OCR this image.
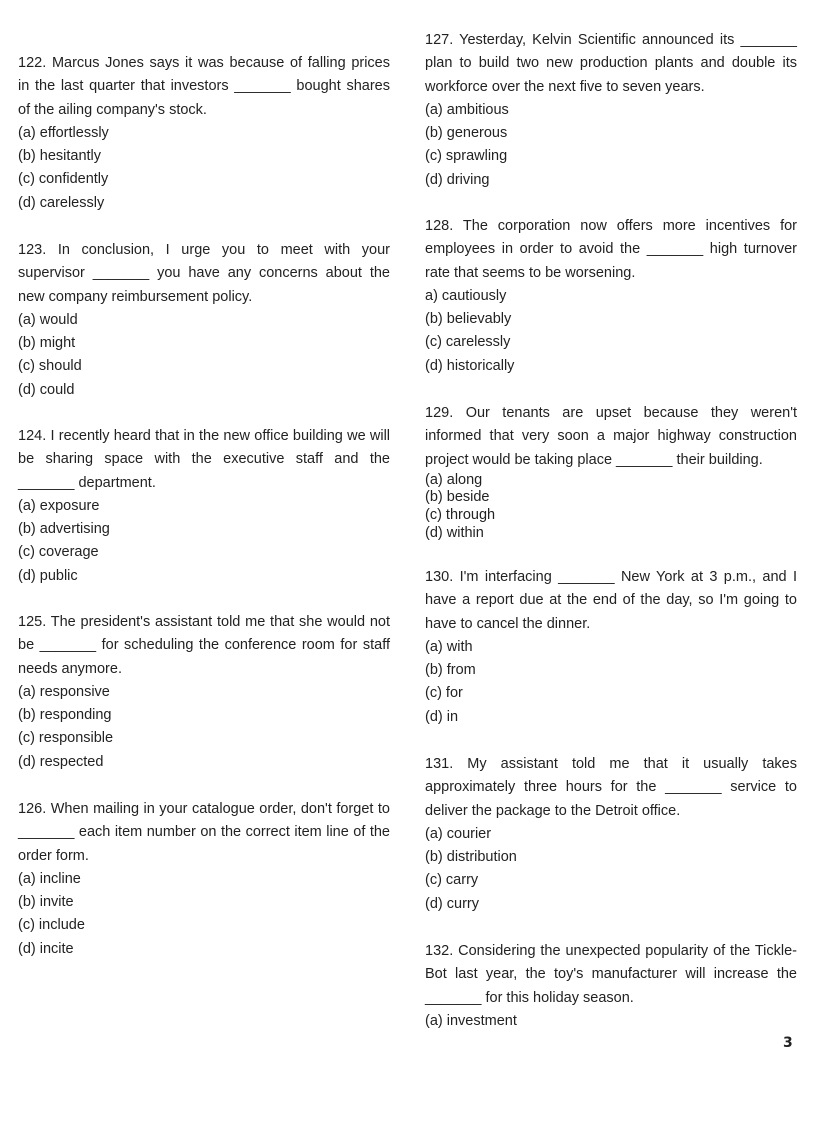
122. Marcus Jones says it was because of falling prices in the last quarter that investors _______ bought shares of the ailing company's stock.

(a) effortlessly

(b) hesitantly

(c) confidently

(d) carelessly

123. In conclusion, I urge you to meet with your supervisor _______ you have any concerns about the new company reimbursement policy.

(a) would

(b) might

(c) should

(d) could

124. I recently heard that in the new office building we will be sharing space with the executive staff and the _______ department.

(a) exposure

(b) advertising

(c) coverage

(d) public

125. The president's assistant told me that she would not be _______ for scheduling the conference room for staff needs anymore.

(a) responsive

(b) responding

(c) responsible

(d) respected

126. When mailing in your catalogue order, don't forget to _______ each item number on the correct item line of the order form.

(a) incline

(b) invite

(c) include

(d) incite

127. Yesterday, Kelvin Scientific announced its _______ plan to build two new production plants and double its workforce over the next five to seven years.

(a) ambitious

(b) generous

(c) sprawling

(d) driving

128. The corporation now offers more incentives for employees in order to avoid the _______ high turnover rate that seems to be worsening.

a) cautiously

(b) believably

(c) carelessly

(d) historically

129. Our tenants are upset because they weren't informed that very soon a major highway construction project would be taking place _______ their building.

(a) along

(b) beside

(c) through

(d) within

130. I'm interfacing _______ New York at 3 p.m., and I have a report due at the end of the day, so I'm going to have to cancel the dinner.

(a) with

(b) from

(c) for

(d) in

131. My assistant told me that it usually takes approximately three hours for the _______ service to deliver the package to the Detroit office.

(a) courier

(b) distribution

(c) carry

(d) curry

132. Considering the unexpected popularity of the Tickle-Bot last year, the toy's manufacturer will increase the _______ for this holiday season.

(a) investment

3
